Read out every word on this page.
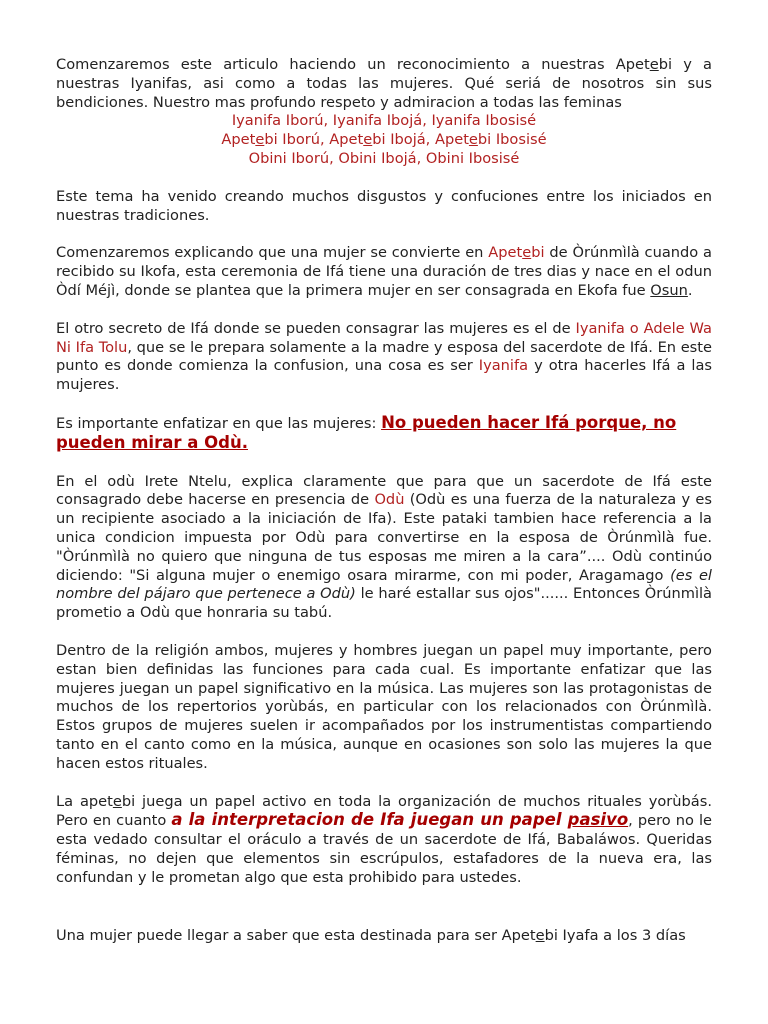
Comenzaremos este articulo haciendo un reconocimiento a nuestras Apetebi y a nuestras Iyanifas, asi como a todas las mujeres. Qué seriá de nosotros sin sus bendiciones. Nuestro mas profundo respeto y admiracion a todas las feminas
Iyanifa Iború, Iyanifa Ibojá, Iyanifa Ibosisé
Apetebi Iború, Apetebi Ibojá, Apetebi Ibosisé
Obini Iború, Obini Ibojá, Obini Ibosisé

Este tema ha venido creando muchos disgustos y confuciones entre los iniciados en nuestras tradiciones.

Comenzaremos explicando que una mujer se convierte en Apetebi de Òrúnmìlà cuando a recibido su Ikofa, esta ceremonia de Ifá tiene una duración de tres dias y nace en el odun Òdí Méjì, donde se plantea que la primera mujer en ser consagrada en Ekofa fue Osun.

El otro secreto de Ifá donde se pueden consagrar las mujeres es el de Iyanifa o Adele Wa Ni Ifa Tolu, que se le prepara solamente a la madre y esposa del sacerdote de Ifá. En este punto es donde comienza la confusion, una cosa es ser Iyanifa y otra hacerles Ifá a las mujeres.

Es importante enfatizar en que las mujeres: No pueden hacer Ifá porque, no pueden mirar a Odù.

En el odù Irete Ntelu, explica claramente que para que un sacerdote de Ifá este consagrado debe hacerse en presencia de Odù (Odù es una fuerza de la naturaleza y es un recipiente asociado a la iniciación de Ifa). Este pataki tambien hace referencia a la unica condicion impuesta por Odù para convertirse en la esposa de Òrúnmìlà fue. "Òrúnmìlà no quiero que ninguna de tus esposas me miren a la cara”.... Odù continúo diciendo: "Si alguna mujer o enemigo osara mirarme, con mi poder, Aragamago (es el nombre del pájaro que pertenece a Odù) le haré estallar sus ojos"...... Entonces Òrúnmìlà prometio a Odù que honraria su tabú.

Dentro de la religión ambos, mujeres y hombres juegan un papel muy importante, pero estan bien definidas las funciones para cada cual. Es importante enfatizar que las mujeres juegan un papel significativo en la música. Las mujeres son las protagonistas de muchos de los repertorios yorùbás, en particular con los relacionados con Òrúnmìlà. Estos grupos de mujeres suelen ir acompañados por los instrumentistas compartiendo tanto en el canto como en la música, aunque en ocasiones son solo las mujeres la que hacen estos rituales.

La apetebi juega un papel activo en toda la organización de muchos rituales yorùbás. Pero en cuanto a la interpretacion de Ifa juegan un papel pasivo, pero no le esta vedado consultar el oráculo a través de un sacerdote de Ifá, Babaláwos. Queridas féminas, no dejen que elementos sin escrúpulos, estafadores de la nueva era, las confundan y le prometan algo que esta prohibido para ustedes.

Una mujer puede llegar a saber que esta destinada para ser Apetebi Iyafa a los 3 días
